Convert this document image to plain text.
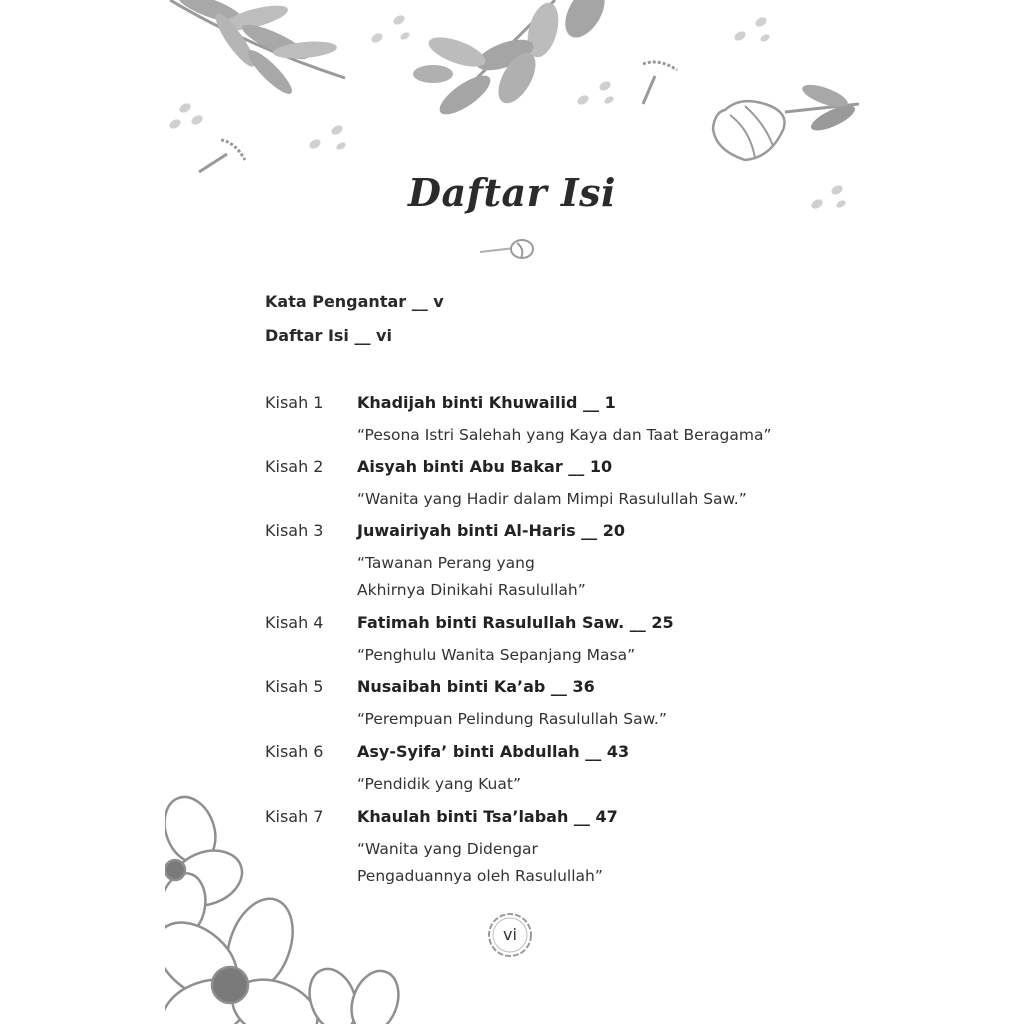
Daftar Isi
Kata Pengantar __ v
Daftar Isi __ vi
Kisah 1 Khadijah binti Khuwailid __ 1
“Pesona Istri Salehah yang Kaya dan Taat Beragama”
Kisah 2 Aisyah binti Abu Bakar __ 10
“Wanita yang Hadir dalam Mimpi Rasulullah Saw.”
Kisah 3 Juwairiyah binti Al-Haris __ 20
“Tawanan Perang yang Akhirnya Dinikahi Rasulullah”
Kisah 4 Fatimah binti Rasulullah Saw. __ 25
“Penghulu Wanita Sepanjang Masa”
Kisah 5 Nusaibah binti Ka’ab __ 36
“Perempuan Pelindung Rasulullah Saw.”
Kisah 6 Asy-Syifa’ binti Abdullah __ 43
“Pendidik yang Kuat”
Kisah 7 Khaulah binti Tsa’labah __ 47
“Wanita yang Didengar Pengaduannya oleh Rasulullah”
vi
